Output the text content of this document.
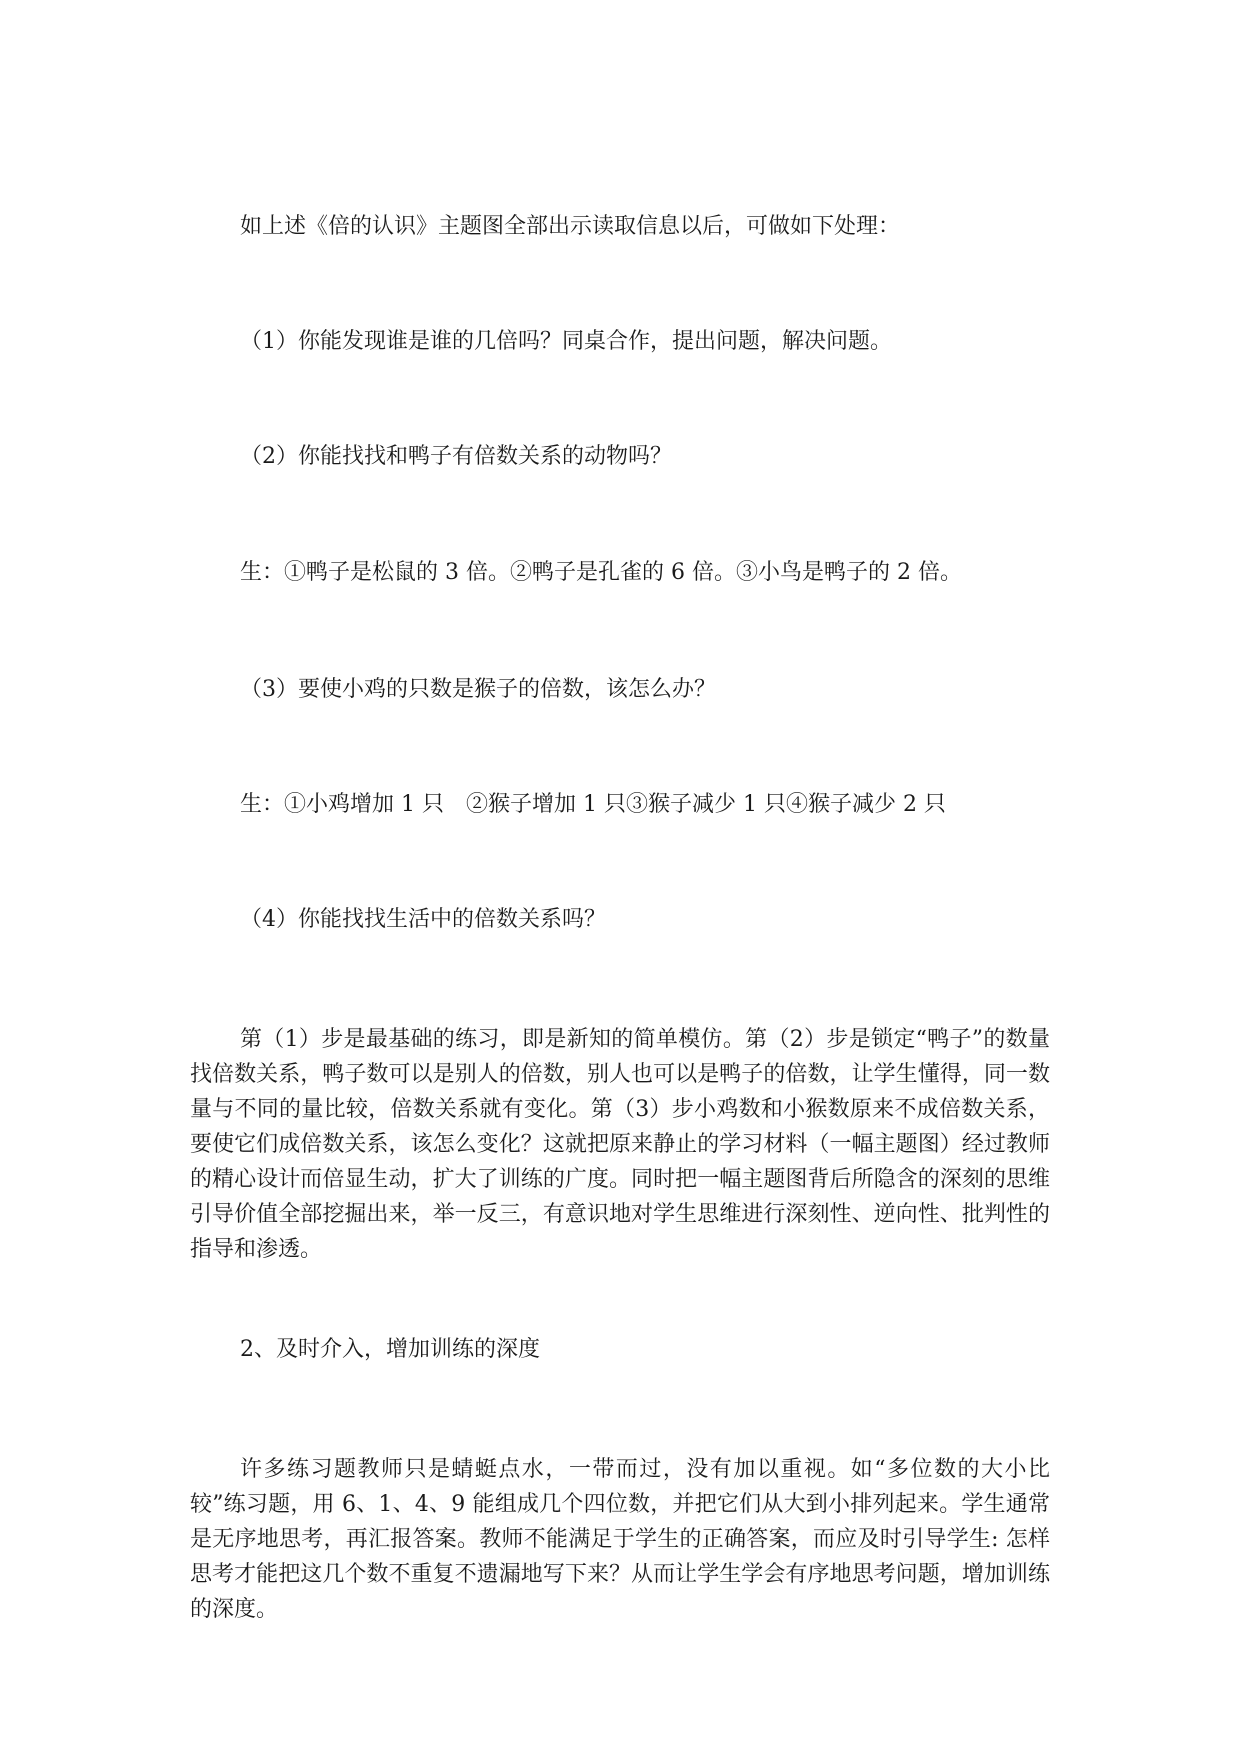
如上述《倍的认识》主题图全部出示读取信息以后，可做如下处理：

（1）你能发现谁是谁的几倍吗？同桌合作，提出问题，解决问题。

（2）你能找找和鸭子有倍数关系的动物吗？

生：①鸭子是松鼠的 3 倍。②鸭子是孔雀的 6 倍。③小鸟是鸭子的 2 倍。

（3）要使小鸡的只数是猴子的倍数，该怎么办？

生：①小鸡增加 1 只　②猴子增加 1 只③猴子减少 1 只④猴子减少 2 只

（4）你能找找生活中的倍数关系吗？

第（1）步是最基础的练习，即是新知的简单模仿。第（2）步是锁定“鸭子”的数量找倍数关系，鸭子数可以是别人的倍数，别人也可以是鸭子的倍数，让学生懂得，同一数量与不同的量比较，倍数关系就有变化。第（3）步小鸡数和小猴数原来不成倍数关系，要使它们成倍数关系，该怎么变化？这就把原来静止的学习材料（一幅主题图）经过教师的精心设计而倍显生动，扩大了训练的广度。同时把一幅主题图背后所隐含的深刻的思维引导价值全部挖掘出来，举一反三，有意识地对学生思维进行深刻性、逆向性、批判性的指导和渗透。

2、及时介入，增加训练的深度

许多练习题教师只是蜻蜓点水，一带而过，没有加以重视。如“多位数的大小比较”练习题，用 6、1、4、9 能组成几个四位数，并把它们从大到小排列起来。学生通常是无序地思考，再汇报答案。教师不能满足于学生的正确答案，而应及时引导学生: 怎样思考才能把这几个数不重复不遗漏地写下来？从而让学生学会有序地思考问题，增加训练的深度。
